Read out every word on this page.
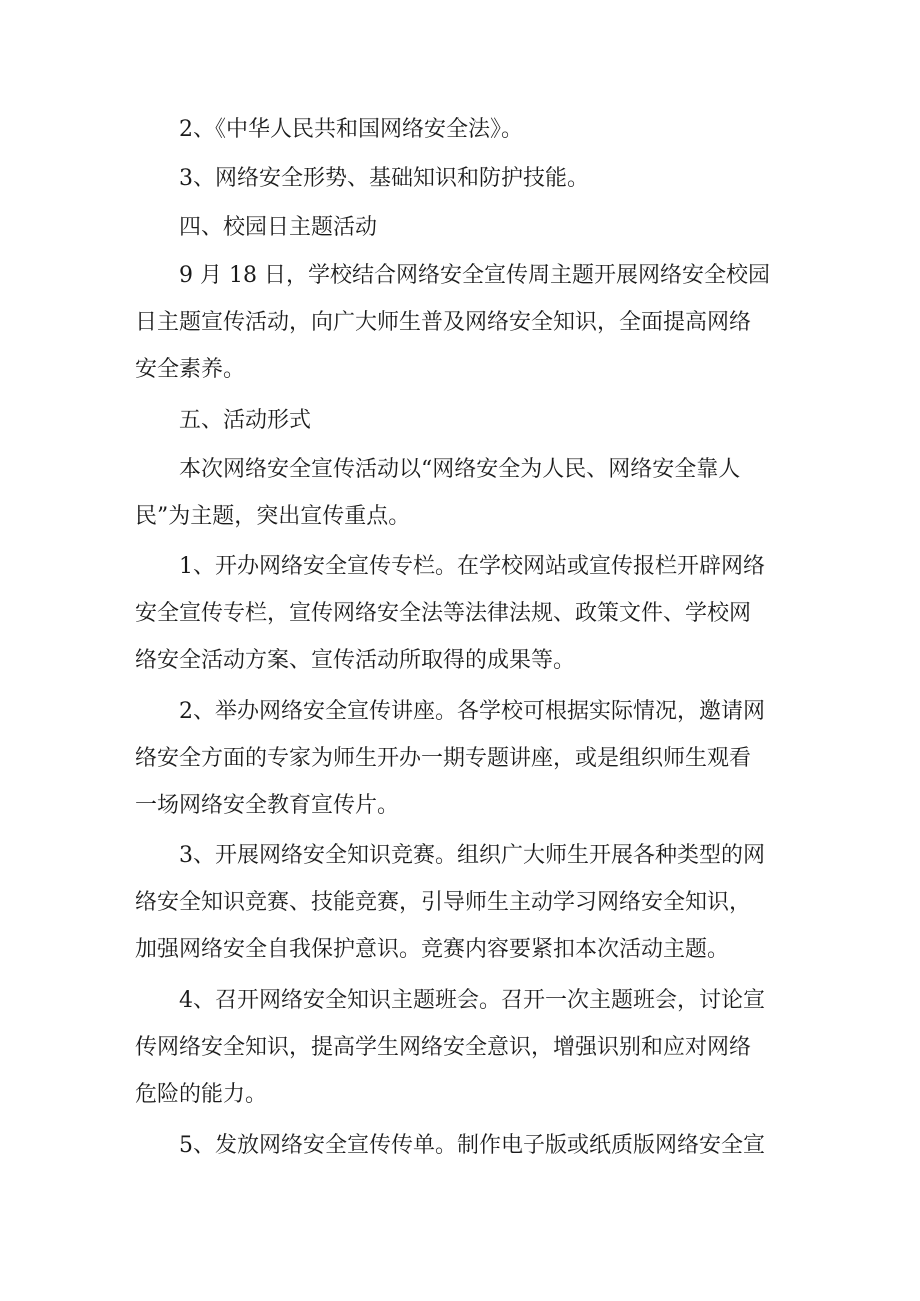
2、《中华人民共和国网络安全法》。

3、网络安全形势、基础知识和防护技能。

四、校园日主题活动

9 月 18 日，学校结合网络安全宣传周主题开展网络安全校园
日主题宣传活动，向广大师生普及网络安全知识，全面提高网络
安全素养。

五、活动形式

本次网络安全宣传活动以“网络安全为人民、网络安全靠人
民”为主题，突出宣传重点。

1、开办网络安全宣传专栏。在学校网站或宣传报栏开辟网络
安全宣传专栏，宣传网络安全法等法律法规、政策文件、学校网
络安全活动方案、宣传活动所取得的成果等。

2、举办网络安全宣传讲座。各学校可根据实际情况，邀请网
络安全方面的专家为师生开办一期专题讲座，或是组织师生观看
一场网络安全教育宣传片。

3、开展网络安全知识竞赛。组织广大师生开展各种类型的网
络安全知识竞赛、技能竞赛，引导师生主动学习网络安全知识，
加强网络安全自我保护意识。竞赛内容要紧扣本次活动主题。

4、召开网络安全知识主题班会。召开一次主题班会，讨论宣
传网络安全知识，提高学生网络安全意识，增强识别和应对网络
危险的能力。

5、发放网络安全宣传传单。制作电子版或纸质版网络安全宣
